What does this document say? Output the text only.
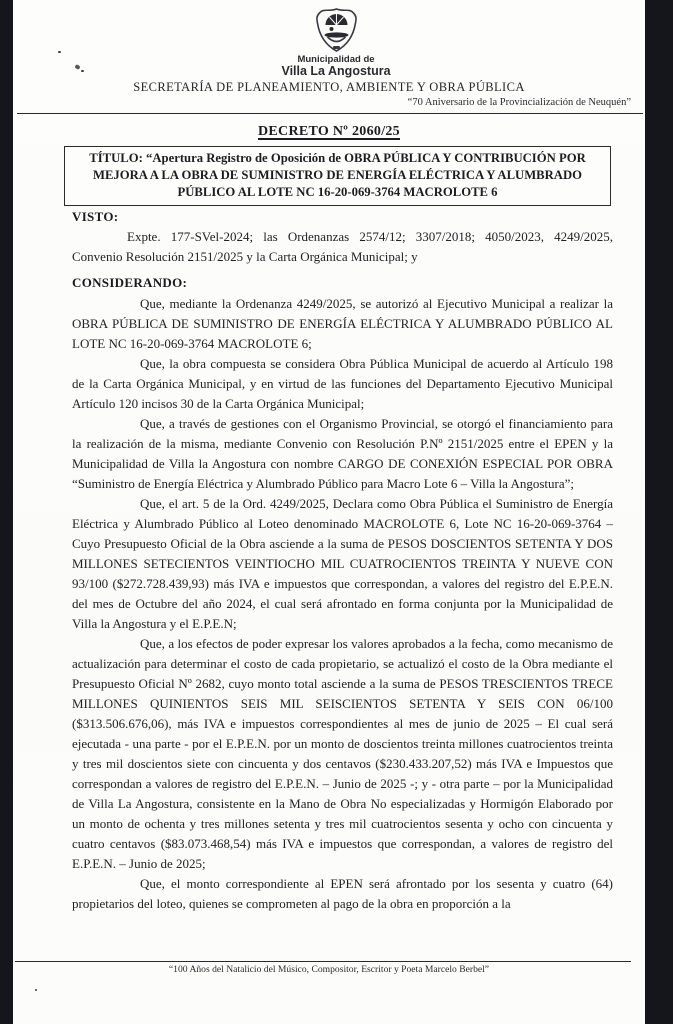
Municipalidad de
Villa La Angostura
SECRETARÍA DE PLANEAMIENTO, AMBIENTE Y OBRA PÚBLICA
“70 Aniversario de la Provincialización de Neuquén”
DECRETO Nº 2060/25
TÍTULO: “Apertura Registro de Oposición de OBRA PÚBLICA Y CONTRIBUCIÓN POR MEJORA A LA OBRA DE SUMINISTRO DE ENERGÍA ELÉCTRICA Y ALUMBRADO PÚBLICO AL LOTE NC 16-20-069-3764 MACROLOTE 6

VISTO:

Expte. 177-SVel-2024; las Ordenanzas 2574/12; 3307/2018; 4050/2023, 4249/2025, Convenio Resolución 2151/2025 y la Carta Orgánica Municipal; y

CONSIDERANDO:

Que, mediante la Ordenanza 4249/2025, se autorizó al Ejecutivo Municipal a realizar la OBRA PÚBLICA DE SUMINISTRO DE ENERGÍA ELÉCTRICA Y ALUMBRADO PÚBLICO AL LOTE NC 16-20-069-3764 MACROLOTE 6;

Que, la obra compuesta se considera Obra Pública Municipal de acuerdo al Artículo 198 de la Carta Orgánica Municipal, y en virtud de las funciones del Departamento Ejecutivo Municipal Artículo 120 incisos 30 de la Carta Orgánica Municipal;

Que, a través de gestiones con el Organismo Provincial, se otorgó el financiamiento para la realización de la misma, mediante Convenio con Resolución P.Nº 2151/2025 entre el EPEN y la Municipalidad de Villa la Angostura con nombre CARGO DE CONEXIÓN ESPECIAL POR OBRA “Suministro de Energía Eléctrica y Alumbrado Público para Macro Lote 6 – Villa la Angostura”;

Que, el art. 5 de la Ord. 4249/2025, Declara como Obra Pública el Suministro de Energía Eléctrica y Alumbrado Público al Loteo denominado MACROLOTE 6, Lote NC 16-20-069-3764 – Cuyo Presupuesto Oficial de la Obra asciende a la suma de PESOS DOSCIENTOS SETENTA Y DOS MILLONES SETECIENTOS VEINTIOCHO MIL CUATROCIENTOS TREINTA Y NUEVE CON 93/100 ($272.728.439,93) más IVA e impuestos que correspondan, a valores del registro del E.P.E.N. del mes de Octubre del año 2024, el cual será afrontado en forma conjunta por la Municipalidad de Villa la Angostura y el E.P.E.N;

Que, a los efectos de poder expresar los valores aprobados a la fecha, como mecanismo de actualización para determinar el costo de cada propietario, se actualizó el costo de la Obra mediante el Presupuesto Oficial Nº 2682, cuyo monto total asciende a la suma de PESOS TRESCIENTOS TRECE MILLONES QUINIENTOS SEIS MIL SEISCIENTOS SETENTA Y SEIS CON 06/100 ($313.506.676,06), más IVA e impuestos correspondientes al mes de junio de 2025 – El cual será ejecutada - una parte - por el E.P.E.N. por un monto de doscientos treinta millones cuatrocientos treinta y tres mil doscientos siete con cincuenta y dos centavos ($230.433.207,52) más IVA e Impuestos que correspondan a valores de registro del E.P.E.N. – Junio de 2025 -; y - otra parte – por la Municipalidad de Villa La Angostura, consistente en la Mano de Obra No especializadas y Hormigón Elaborado por un monto de ochenta y tres millones setenta y tres mil cuatrocientos sesenta y ocho con cincuenta y cuatro centavos ($83.073.468,54) más IVA e impuestos que correspondan, a valores de registro del E.P.E.N. – Junio de 2025;

Que, el monto correspondiente al EPEN será afrontado por los sesenta y cuatro (64) propietarios del loteo, quienes se comprometen al pago de la obra en proporción a la

“100 Años del Natalicio del Músico, Compositor, Escritor y Poeta Marcelo Berbel”
